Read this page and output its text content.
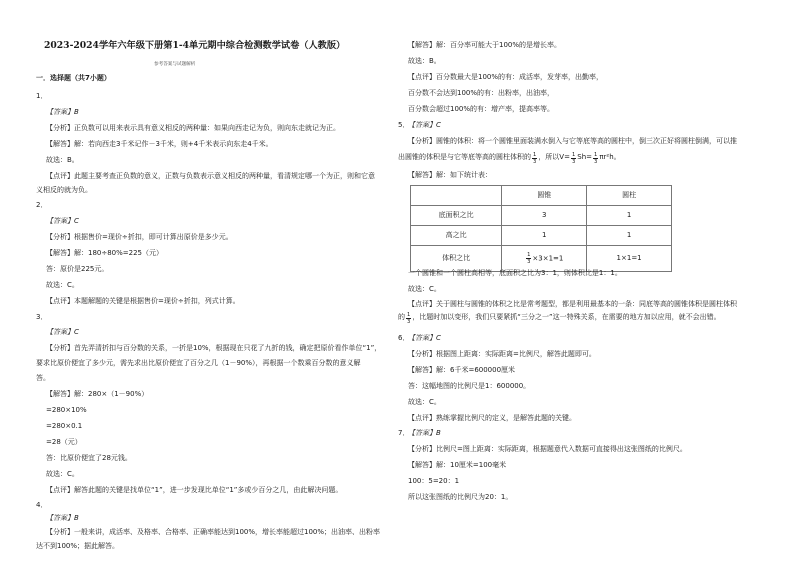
2023-2024学年六年级下册第1-4单元期中综合检测数学试卷（人教版）
参考答案与试题解析
一．选择题（共7小题）
1．
【答案】B
【分析】正负数可以用来表示具有意义相反的两种量：如果向西走记为负，则向东走就记为正。
【解答】解：若向西走3千米记作－3千米，则+4千米表示向东走4千米。
故选：B。
【点评】此题主要考查正负数的意义，正数与负数表示意义相反的两种量，看清规定哪一个为正，则和它意
义相反的就为负。
2．
【答案】C
【分析】根据售价=现价÷折扣，即可计算出原价是多少元。
【解答】解：180÷80%=225（元）
答：原价是225元。
故选：C。
【点评】本题解题的关键是根据售价=现价÷折扣，列式计算。
3．
【答案】C
【分析】首先弄清折扣与百分数的关系，一折是10%，根据现在只花了九折的钱，确定把原价看作单位“1”，
要求比原价便宜了多少元，需先求出比原价便宜了百分之几（1－90%），再根据一个数乘百分数的意义解
答。
【解答】解：280×（1－90%）
=280×10%
=280×0.1
=28（元）
答：比原价便宜了28元钱。
故选：C。
【点评】解答此题的关键是找单位“1”，进一步发现比单位“1”多或少百分之几，由此解决问题。
4．
【答案】B
【分析】一般来讲，成活率、及格率、合格率、正确率能达到100%，增长率能超过100%；出油率、出粉率
达不到100%；据此解答。
【解答】解：百分率可能大于100%的是增长率。
故选：B。
【点评】百分数最大是100%的有：成活率，发芽率，出勤率，
百分数不会达到100%的有：出粉率，出油率，
百分数会超过100%的有：增产率，提高率等。
5．
【答案】C
【分析】圆锥的体积：将一个圆锥里面装满水倒入与它等底等高的圆柱中，倒三次正好将圆柱倒满，可以推
出圆锥的体积是与它等底等高的圆柱体积的 $\frac{1}{3}$ ，所以$V= \frac{1}{3} Sh= \frac{1}{3} \pi r^2h$。
【解答】解：如下统计表：
	圆锥	圆柱
底面积之比	3	1
高之比	1	1
体积之比	$\frac{1}{3} \times 3\times 1=1$	1×1=1
一个圆锥和一个圆柱高相等，底面积之比为3：1，则体积比是1：1。
故选：C。
【点评】关于圆柱与圆锥的体积之比是常考题型，都是利用最基本的一条：同底等高的圆锥体积是圆柱体积
的 $\frac{1}{3}$ ，比题时加以变形，我们只要紧抓“三分之一”这一特殊关系，在需要的地方加以应用，就不会出错。
6．
【答案】C
【分析】根据图上距离：实际距离=比例尺，解答此题即可。
【解答】解：6千米=600000厘米
答：这幅地图的比例尺是1：600000。
故选：C。
【点评】熟练掌握比例尺的定义，是解答此题的关键。
7．
【答案】B
【分析】比例尺=图上距离：实际距离，根据题意代入数据可直接得出这张图纸的比例尺。
【解答】解：10厘米=100毫米
100：5=20：1
所以这张图纸的比例尺为20：1。
